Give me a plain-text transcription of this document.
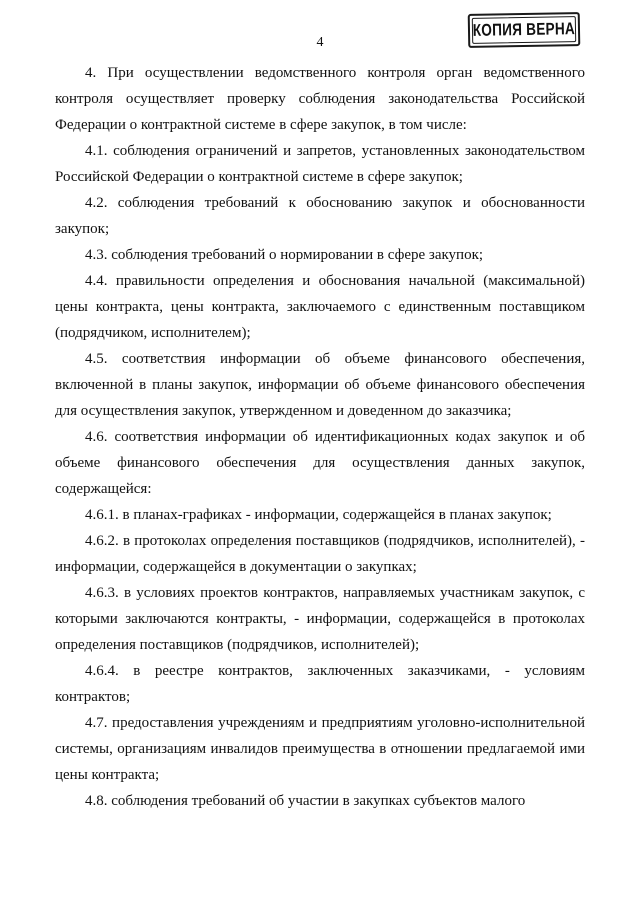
4
КОПИЯ ВЕРНА

4. При осуществлении ведомственного контроля орган ведомственного контроля осуществляет проверку соблюдения законодательства Российской Федерации о контрактной системе в сфере закупок, в том числе:

4.1. соблюдения ограничений и запретов, установленных законодательством Российской Федерации о контрактной системе в сфере закупок;

4.2. соблюдения требований к обоснованию закупок и обоснованности закупок;

4.3. соблюдения требований о нормировании в сфере закупок;

4.4. правильности определения и обоснования начальной (максимальной) цены контракта, цены контракта, заключаемого с единственным поставщиком (подрядчиком, исполнителем);

4.5. соответствия информации об объеме финансового обеспечения, включенной в планы закупок, информации об объеме финансового обеспечения для осуществления закупок, утвержденном и доведенном до заказчика;

4.6. соответствия информации об идентификационных кодах закупок и об объеме финансового обеспечения для осуществления данных закупок, содержащейся:

4.6.1. в планах-графиках - информации, содержащейся в планах закупок;

4.6.2. в протоколах определения поставщиков (подрядчиков, исполнителей), - информации, содержащейся в документации о закупках;

4.6.3. в условиях проектов контрактов, направляемых участникам закупок, с которыми заключаются контракты, - информации, содержащейся в протоколах определения поставщиков (подрядчиков, исполнителей);

4.6.4. в реестре контрактов, заключенных заказчиками, - условиям контрактов;

4.7. предоставления учреждениям и предприятиям уголовно-исполнительной системы, организациям инвалидов преимущества в отношении предлагаемой ими цены контракта;

4.8. соблюдения требований об участии в закупках субъектов малого
